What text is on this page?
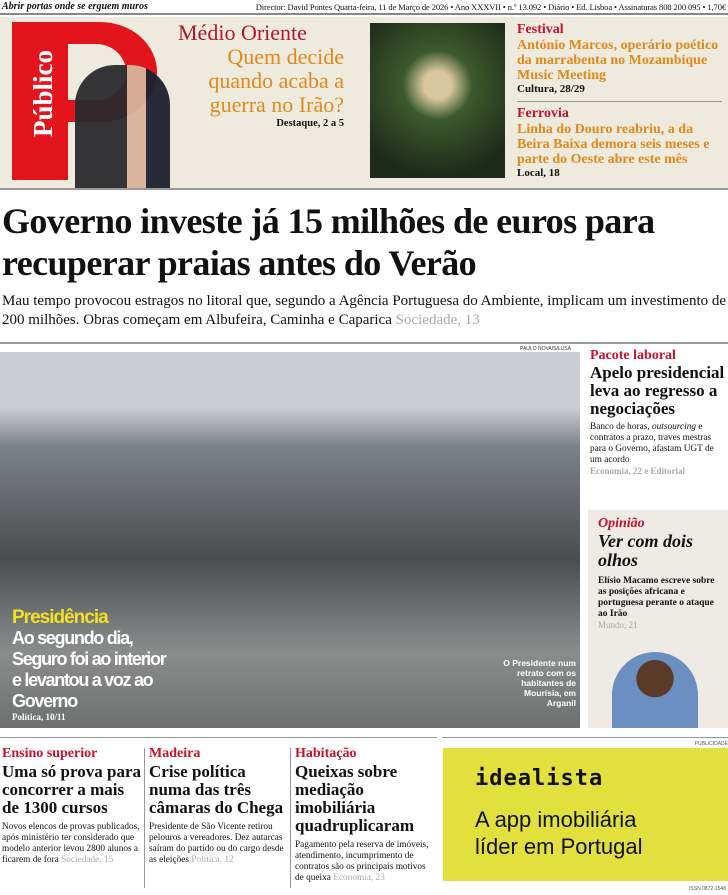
Abrir portas onde se erguem muros	Director: David Pontes Quarta-feira, 11 de Março de 2026 • Ano XXXVII • n.º 13.092 • Diário • Ed. Lisboa • Assinaturas 808 200 095 • 1,70€
Público
Médio Oriente
Quem decide quando acaba a guerra no Irão?
Destaque, 2 a 5
Festival
António Marcos, operário poético da marrabenta no Mozambique Music Meeting
Cultura, 28/29
Ferrovia
Linha do Douro reabriu, a da Beira Baixa demora seis meses e parte do Oeste abre este mês
Local, 18
Governo investe já 15 milhões de euros para recuperar praias antes do Verão
Mau tempo provocou estragos no litoral que, segundo a Agência Portuguesa do Ambiente, implicam um investimento de 200 milhões. Obras começam em Albufeira, Caminha e Caparica Sociedade, 13
PAULO NOVAIS/LUSA
Presidência
Ao segundo dia, Seguro foi ao interior e levantou a voz ao Governo
Política, 10/11
O Presidente num retrato com os habitantes de Mourísia, em Arganil
Pacote laboral
Apelo presidencial leva ao regresso a negociações
Banco de horas, outsourcing e contratos a prazo, traves mestras para o Governo, afastam UGT de um acordo
Economia, 22 e Editorial
Opinião
Ver com dois olhos
Elísio Macamo escreve sobre as posições africana e portuguesa perante o ataque ao Irão
Mundo, 21
Ensino superior
Uma só prova para concorrer a mais de 1300 cursos

Novos elencos de provas publicados, após ministério ter considerado que modelo anterior levou 2800 alunos a ficarem de fora Sociedade, 15

Madeira
Crise política numa das três câmaras do Chega

Presidente de São Vicente retirou pelouros a vereadores. Dez autarcas saíram do partido ou do cargo desde as eleições Política, 12

Habitação
Queixas sobre mediação imobiliária quadruplicaram

Pagamento pela reserva de imóveis, atendimento, incumprimento de contratos são os principais motivos de queixa Economia, 23

PUBLICIDADE
idealista
A app imobiliária
líder em Portugal
ISSN 0872-1548
